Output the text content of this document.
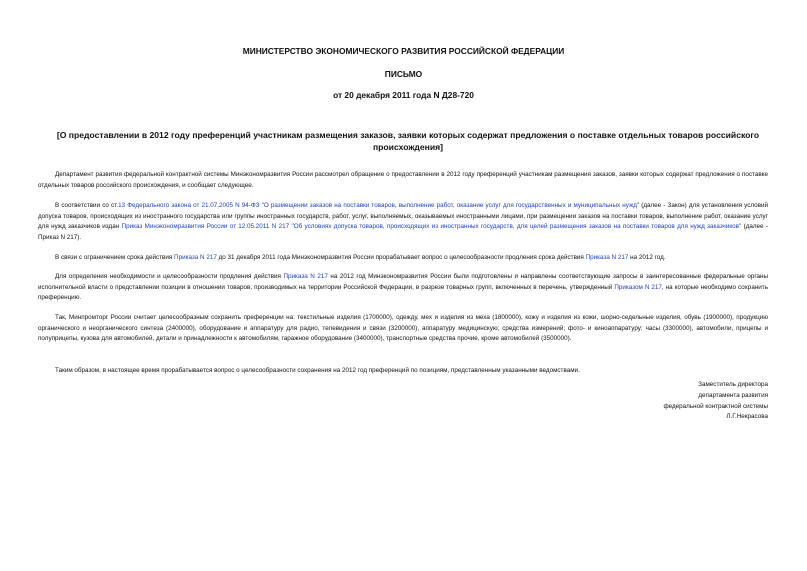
МИНИСТЕРСТВО ЭКОНОМИЧЕСКОГО РАЗВИТИЯ РОССИЙСКОЙ ФЕДЕРАЦИИ
ПИСЬМО
от 20 декабря 2011 года N Д28-720
[О предоставлении в 2012 году преференций участникам размещения заказов, заявки которых содержат предложения о поставке отдельных товаров российского происхождения]
Департамент развития федеральной контрактной системы Минэкономразвития России рассмотрел обращение о предоставлении в 2012 году преференций участникам размещения заказов, заявки которых содержат предложения о поставке отдельных товаров российского происхождения, и сообщает следующее.
В соответствии со ст.13 Федерального закона от 21.07.2005 N 94-ФЗ "О размещении заказов на поставки товаров, выполнение работ, оказание услуг для государственных и муниципальных нужд" (далее - Закон) для установления условий допуска товаров, происходящих из иностранного государства или группы иностранных государств, работ, услуг, выполняемых, оказываемых иностранными лицами, при размещении заказов на поставки товаров, выполнение работ, оказание услуг для нужд заказчиков издан Приказ Минэкономразвития России от 12.05.2011 N 217 "Об условиях допуска товаров, происходящих из иностранных государств, для целей размещения заказов на поставки товаров для нужд заказчиков" (далее - Приказ N 217).
В связи с ограничением срока действия Приказа N 217 до 31 декабря 2011 года Минэкономразвития России прорабатывает вопрос о целесообразности продления срока действия Приказа N 217 на 2012 год.
Для определения необходимости и целесообразности продления действия Приказа N 217 на 2012 год Минэкономразвития России были подготовлены и направлены соответствующие запросы в заинтересованные федеральные органы исполнительной власти о представлении позиции в отношении товаров, производимых на территории Российской Федерации, в разрезе товарных групп, включенных в перечень, утвержденный Приказом N 217, на которые необходимо сохранить преференцию.
Так, Минпромторг России считает целесообразным сохранить преференции на: текстильные изделия (1700000), одежду, мех и изделия из меха (1800000), кожу и изделия из кожи, шорно-седельные изделия, обувь (1900000), продукцию органического и неорганического синтеза (2400000), оборудование и аппаратуру для радио, телевидения и связи (3200000), аппаратуру медицинскую; средства измерений; фото- и киноаппаратуру; часы (3300000), автомобили, прицепы и полуприцепы, кузова для автомобилей, детали и принадлежности к автомобилям, гаражное оборудование (3400000), транспортные средства прочие, кроме автомобилей (3500000).
Таким образом, в настоящее время прорабатывается вопрос о целесообразности сохранения на 2012 год преференций по позициям, представленным указанными ведомствами.
Заместитель директора
департамента развития
федеральной контрактной системы
Л.Г.Некрасова
